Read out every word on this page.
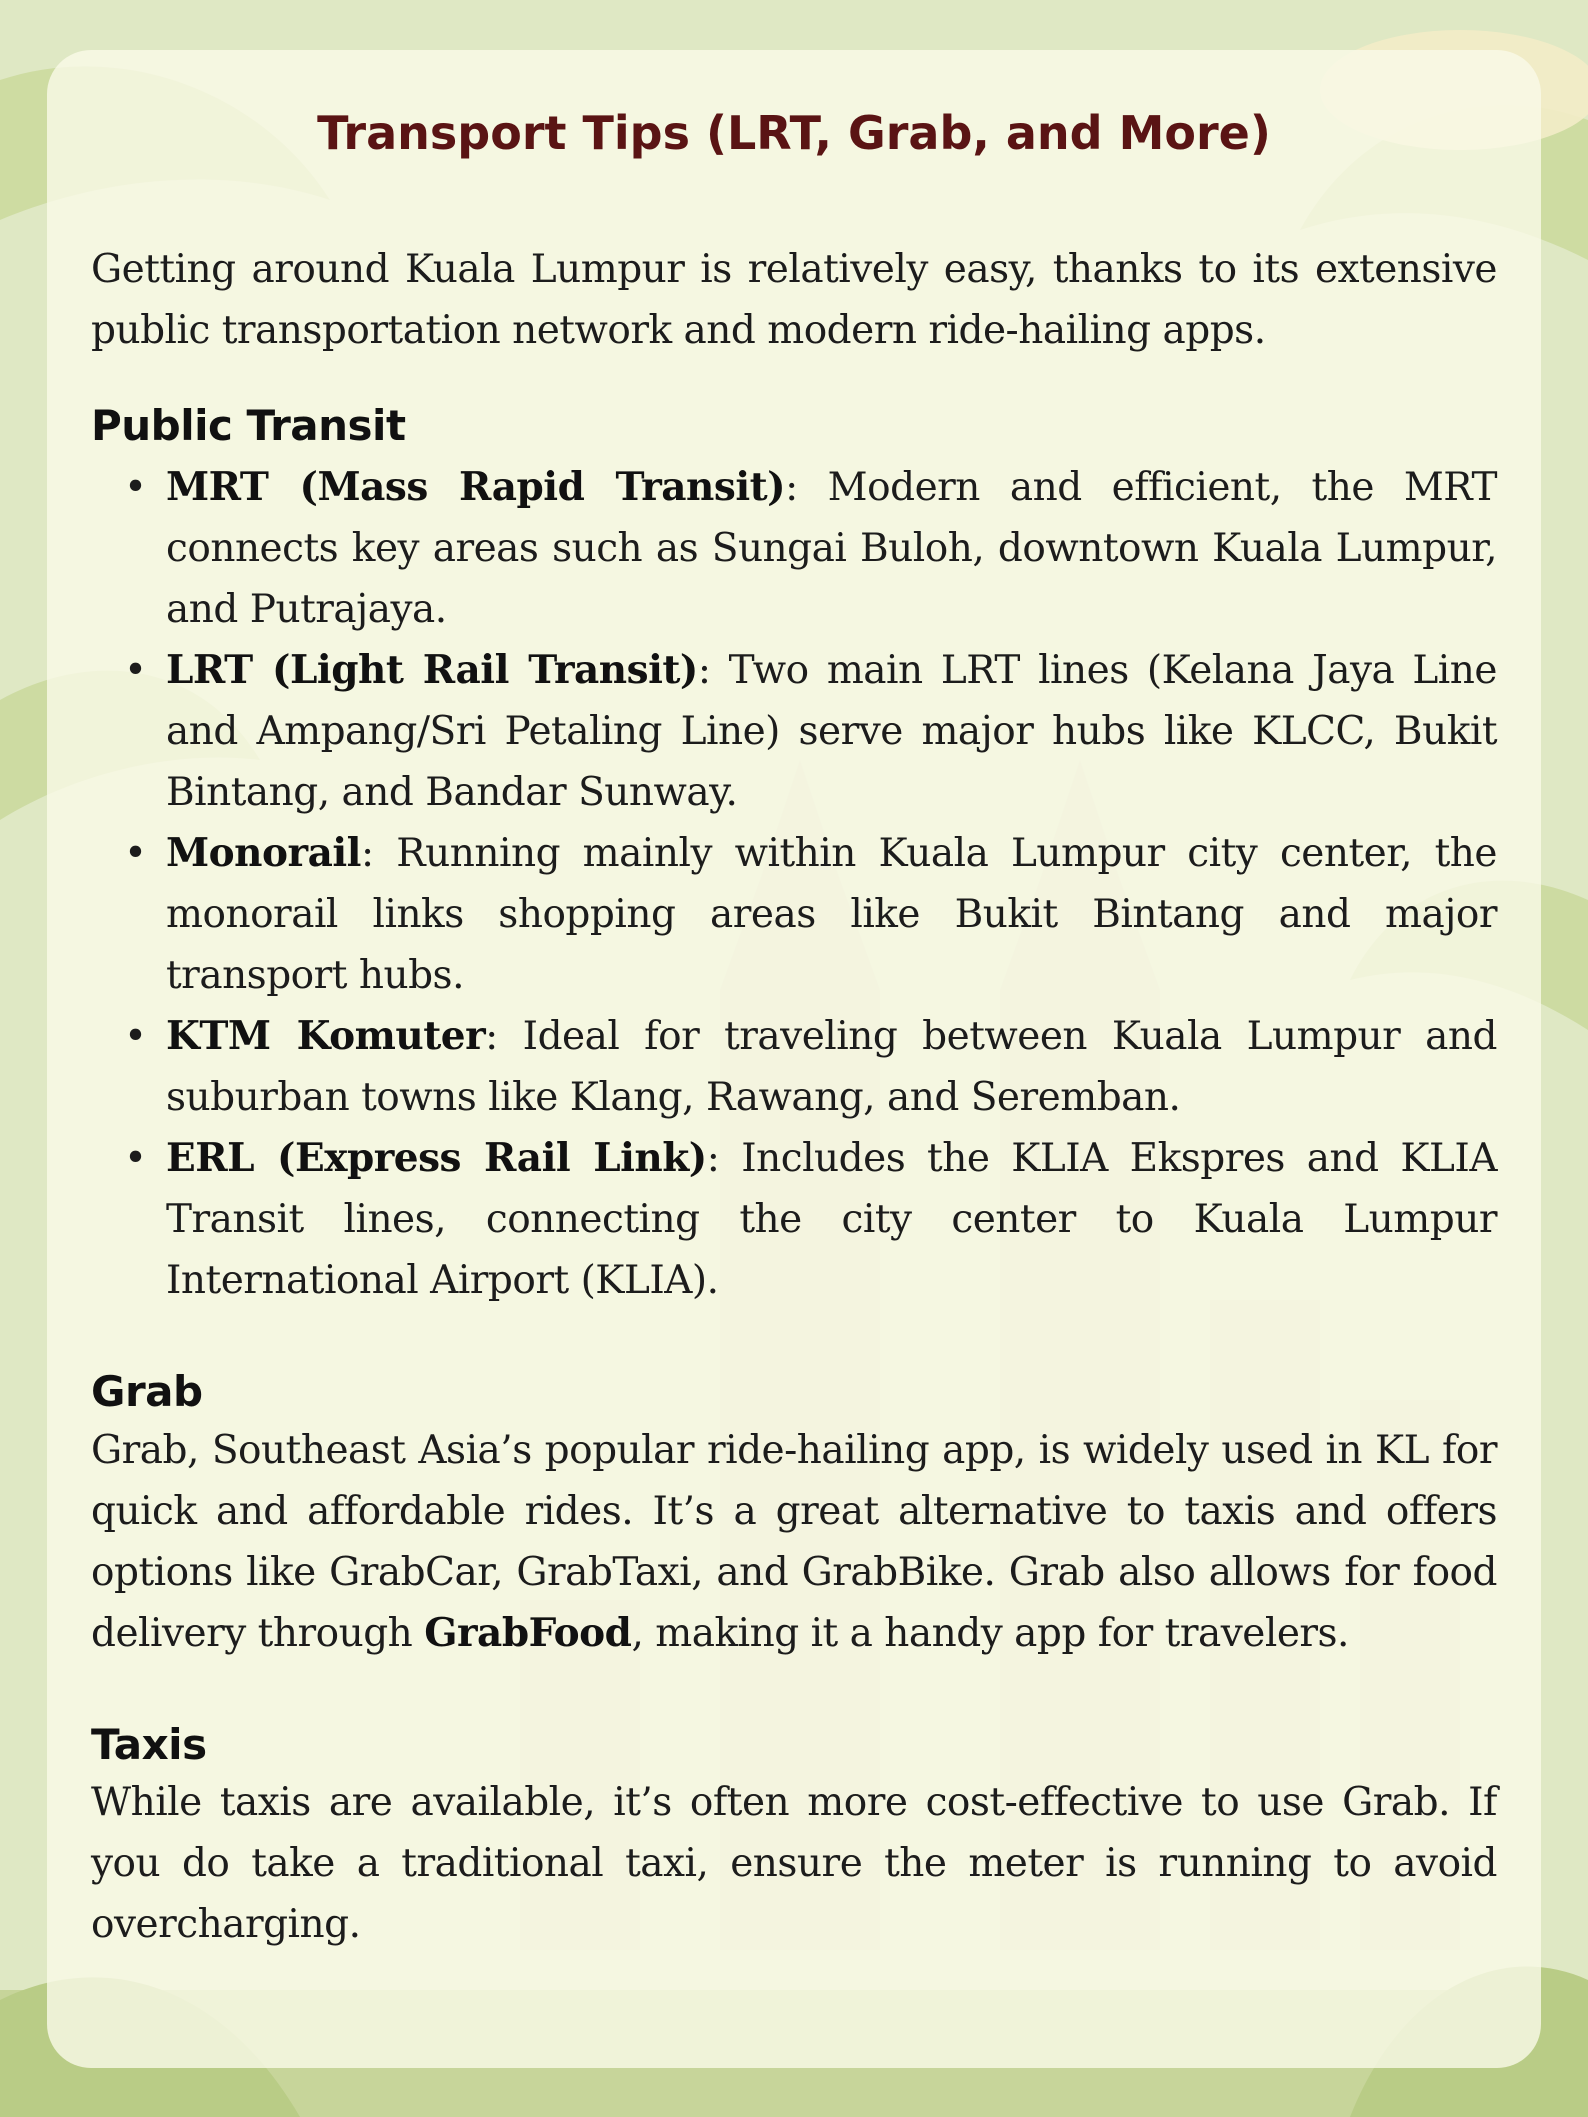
Transport Tips (LRT, Grab, and More)

Getting around Kuala Lumpur is relatively easy, thanks to its extensive public transportation network and modern ride-hailing apps.

Public Transit
• MRT (Mass Rapid Transit): Modern and efficient, the MRT connects key areas such as Sungai Buloh, downtown Kuala Lumpur, and Putrajaya.
• LRT (Light Rail Transit): Two main LRT lines (Kelana Jaya Line and Ampang/Sri Petaling Line) serve major hubs like KLCC, Bukit Bintang, and Bandar Sunway.
• Monorail: Running mainly within Kuala Lumpur city center, the monorail links shopping areas like Bukit Bintang and major transport hubs.
• KTM Komuter: Ideal for traveling between Kuala Lumpur and suburban towns like Klang, Rawang, and Seremban.
• ERL (Express Rail Link): Includes the KLIA Ekspres and KLIA Transit lines, connecting the city center to Kuala Lumpur International Airport (KLIA).
Grab

Grab, Southeast Asia’s popular ride-hailing app, is widely used in KL for quick and affordable rides. It’s a great alternative to taxis and offers options like GrabCar, GrabTaxi, and GrabBike. Grab also allows for food delivery through GrabFood, making it a handy app for travelers.

Taxis

While taxis are available, it’s often more cost-effective to use Grab. If you do take a traditional taxi, ensure the meter is running to avoid overcharging.
